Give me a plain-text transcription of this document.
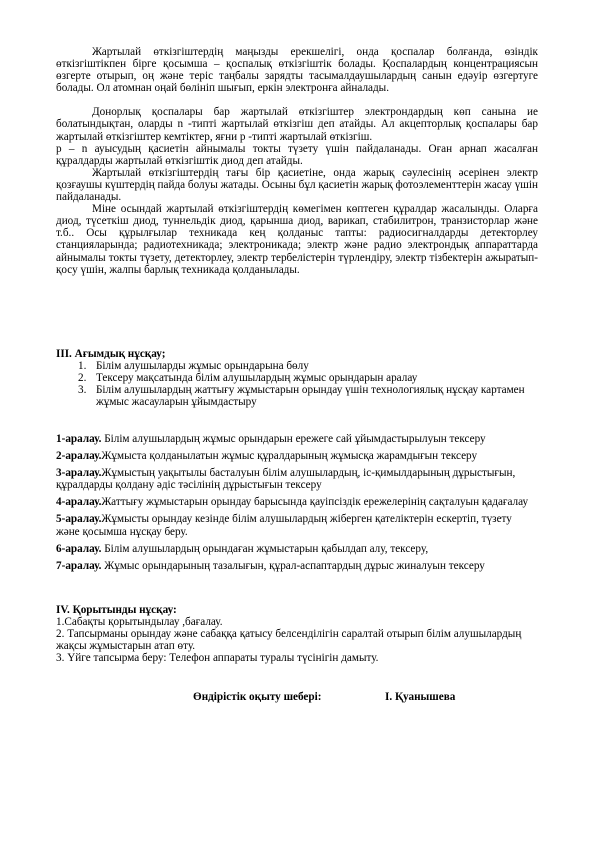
Жартылай өткізгіштердің маңызды ерекшелігі, онда қоспалар болғанда, өзіндік өткізгіштікпен бірге қосымша – қоспалық өткізгіштік болады. Қоспалардың концентрациясын өзгерте отырып, оң және теріс таңбалы зарядты тасымалдаушылардың санын едәуір өзгертуге болады. Ол атомнан оңай бөлініп шығып, еркін электронға айналады.

Донорлық қоспалары бар жартылай өткізгіштер электрондардың көп санына ие болатындықтан, оларды n -типті жартылай өткізгіш деп атайды. Ал акцепторлық қоспалары бар жартылай өткізгіштер кемтіктер, яғни p -типті жартылай өткізгіш.

р – n ауысудың қасиетін айнымалы токты түзету үшін пайдаланады. Оған арнап жасалған құралдарды жартылай өткізгіштік диод деп атайды.

Жартылай өткізгіштердің тағы бір қасиетіне, онда жарық сәулесінің әсерінен электр қозғаушы күштердің пайда болуы жатады. Осыны бұл қасиетін жарық фотоэлементтерін жасау үшін пайдаланады.

Міне осындай жартылай өткізгіштердің көмегімен көптеген құралдар жасалынды. Оларға диод, түсеткіш диод, туннельдік диод, қарынша диод, варикап, стабилитрон, транзисторлар және т.б.. Осы құрылғылар техникада кең қолданыс тапты: радиосигналдарды детекторлеу станцияларында; радиотехникада; электроникада; электр және радио электрондық аппараттарда айнымалы токты түзету, детекторлеу, электр тербелістерін түрлендіру, электр тізбектерін ажыратып-қосу үшін, жалпы барлық техникада қолданылады.

III. Ағымдық нұсқау;

1. Білім алушыларды жұмыс орындарына бөлу
2. Тексеру мақсатында білім алушылардың жұмыс орындарын аралау
3. Білім алушылардың жаттығу жұмыстарын орындау үшін технологиялық нұсқау картамен жұмыс жасауларын ұйымдастыру

1-аралау. Білім алушылардың жұмыс орындарын ережеге сай ұйымдастырылуын тексеру

2-аралау.Жұмыста қолданылатын жұмыс құралдарының жұмысқа жарамдығын тексеру

3-аралау.Жұмыстың уақытылы басталуын білім алушылардың, іс-қимылдарының дұрыстығын, құралдарды қолдану әдіс тәсілінің дұрыстығын тексеру

4-аралау.Жаттығу жұмыстарын орындау барысында қауіпсіздік ережелерінің сақталуын қадағалау

5-аралау.Жұмысты орындау кезінде білім алушылардың жіберген қателіктерін ескертіп, түзету және қосымша нұсқау беру.

6-аралау. Білім алушылардың орындаған жұмыстарын қабылдап алу, тексеру,

7-аралау. Жұмыс орындарының тазалығын, құрал-аспаптардың дұрыс жиналуын тексеру

IV. Қорытынды нұсқау:

1.Сабақты қорытындылау ,бағалау.

2. Тапсырманы орындау және сабаққа қатысу белсенділігін саралтай отырып білім алушылардың жақсы жұмыстарын атап өту.

3. Үйге тапсырма беру: Телефон аппараты туралы түсінігін дамыту.

Өндірістік оқыту шебері:	І. Қуанышева
